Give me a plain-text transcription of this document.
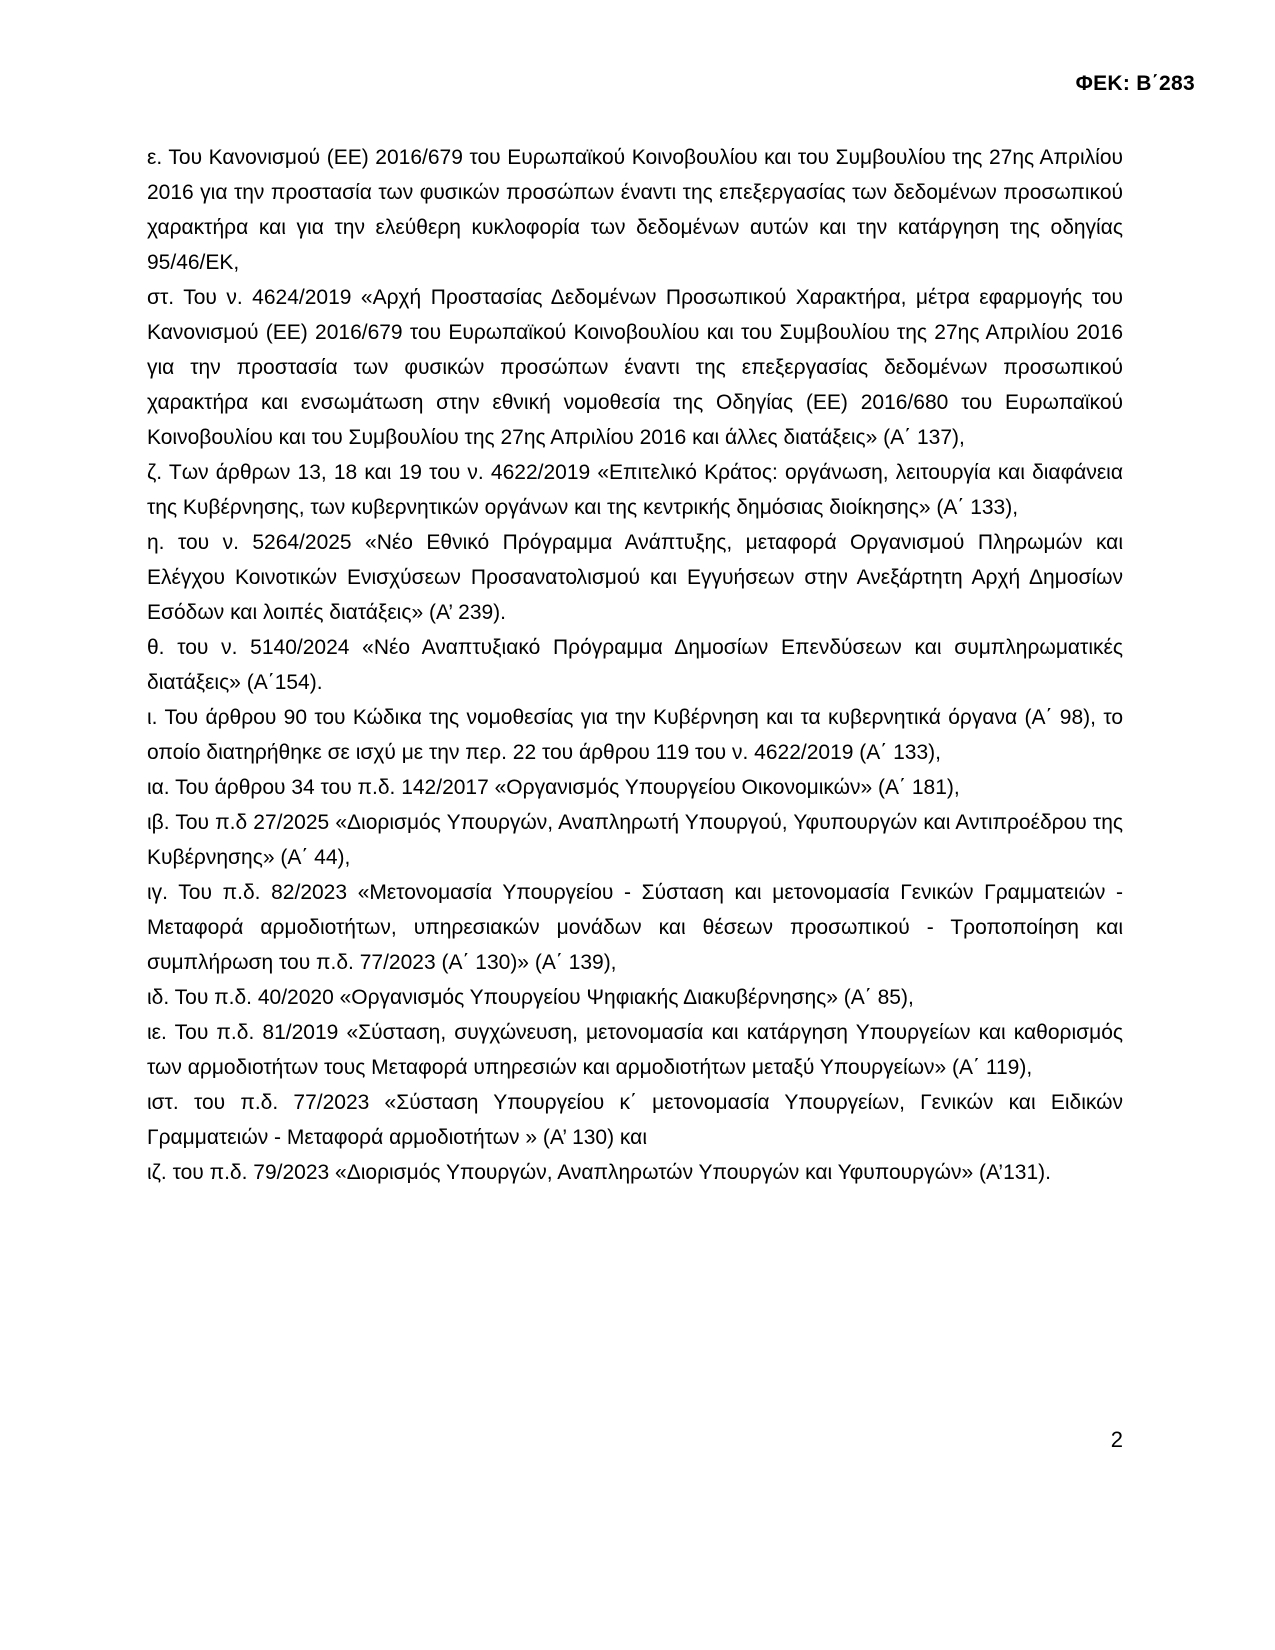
ΦΕΚ: Β΄283

ε. Του Κανονισμού (ΕΕ) 2016/679 του Ευρωπαϊκού Κοινοβουλίου και του Συμβουλίου της 27ης Απριλίου 2016 για την προστασία των φυσικών προσώπων έναντι της επεξεργασίας των δεδομένων προσωπικού χαρακτήρα και για την ελεύθερη κυκλοφορία των δεδομένων αυτών και την κατάργηση της οδηγίας 95/46/ΕΚ,

στ. Του ν. 4624/2019 «Αρχή Προστασίας Δεδομένων Προσωπικού Χαρακτήρα, μέτρα εφαρμογής του Κανονισμού (ΕΕ) 2016/679 του Ευρωπαϊκού Κοινοβουλίου και του Συμβουλίου της 27ης Απριλίου 2016 για την προστασία των φυσικών προσώπων έναντι της επεξεργασίας δεδομένων προσωπικού χαρακτήρα και ενσωμάτωση στην εθνική νομοθεσία της Οδηγίας (ΕΕ) 2016/680 του Ευρωπαϊκού Κοινοβουλίου και του Συμβουλίου της 27ης Απριλίου 2016 και άλλες διατάξεις» (Α΄ 137),

ζ. Των άρθρων 13, 18 και 19 του ν. 4622/2019 «Επιτελικό Κράτος: οργάνωση, λειτουργία και διαφάνεια της Κυβέρνησης, των κυβερνητικών οργάνων και της κεντρικής δημόσιας διοίκησης» (Α΄ 133),

η. του ν. 5264/2025 «Νέο Εθνικό Πρόγραμμα Ανάπτυξης, μεταφορά Οργανισμού Πληρωμών και Ελέγχου Κοινοτικών Ενισχύσεων Προσανατολισμού και Εγγυήσεων στην Ανεξάρτητη Αρχή Δημοσίων Εσόδων και λοιπές διατάξεις» (Α’ 239).

θ. του ν. 5140/2024 «Νέο Αναπτυξιακό Πρόγραμμα Δημοσίων Επενδύσεων και συμπληρωματικές διατάξεις» (Α΄154).

ι. Του άρθρου 90 του Κώδικα της νομοθεσίας για την Κυβέρνηση και τα κυβερνητικά όργανα (Α΄ 98), το οποίο διατηρήθηκε σε ισχύ με την περ. 22 του άρθρου 119 του ν. 4622/2019 (Α΄ 133),

ια. Του άρθρου 34 του π.δ. 142/2017 «Οργανισμός Υπουργείου Οικονομικών» (Α΄ 181),

ιβ. Του π.δ 27/2025 «Διορισμός Υπουργών, Αναπληρωτή Υπουργού, Υφυπουργών και Αντιπροέδρου της Κυβέρνησης» (Α΄ 44),

ιγ. Του π.δ. 82/2023 «Μετονομασία Υπουργείου - Σύσταση και μετονομασία Γενικών Γραμματειών - Μεταφορά αρμοδιοτήτων, υπηρεσιακών μονάδων και θέσεων προσωπικού - Τροποποίηση και συμπλήρωση του π.δ. 77/2023 (Α΄ 130)» (Α΄ 139),

ιδ. Του π.δ. 40/2020 «Οργανισμός Υπουργείου Ψηφιακής Διακυβέρνησης» (Α΄ 85),

ιε. Του π.δ. 81/2019 «Σύσταση, συγχώνευση, μετονομασία και κατάργηση Υπουργείων και καθορισμός των αρμοδιοτήτων τους Μεταφορά υπηρεσιών και αρμοδιοτήτων μεταξύ Υπουργείων» (Α΄ 119),

ιστ. του π.δ. 77/2023 «Σύσταση Υπουργείου κ΄ μετονομασία Υπουργείων, Γενικών και Ειδικών Γραμματειών - Μεταφορά αρμοδιοτήτων » (Α’ 130) και

ιζ. του π.δ. 79/2023 «Διορισμός Υπουργών, Αναπληρωτών Υπουργών και Υφυπουργών» (Α’131).

2
